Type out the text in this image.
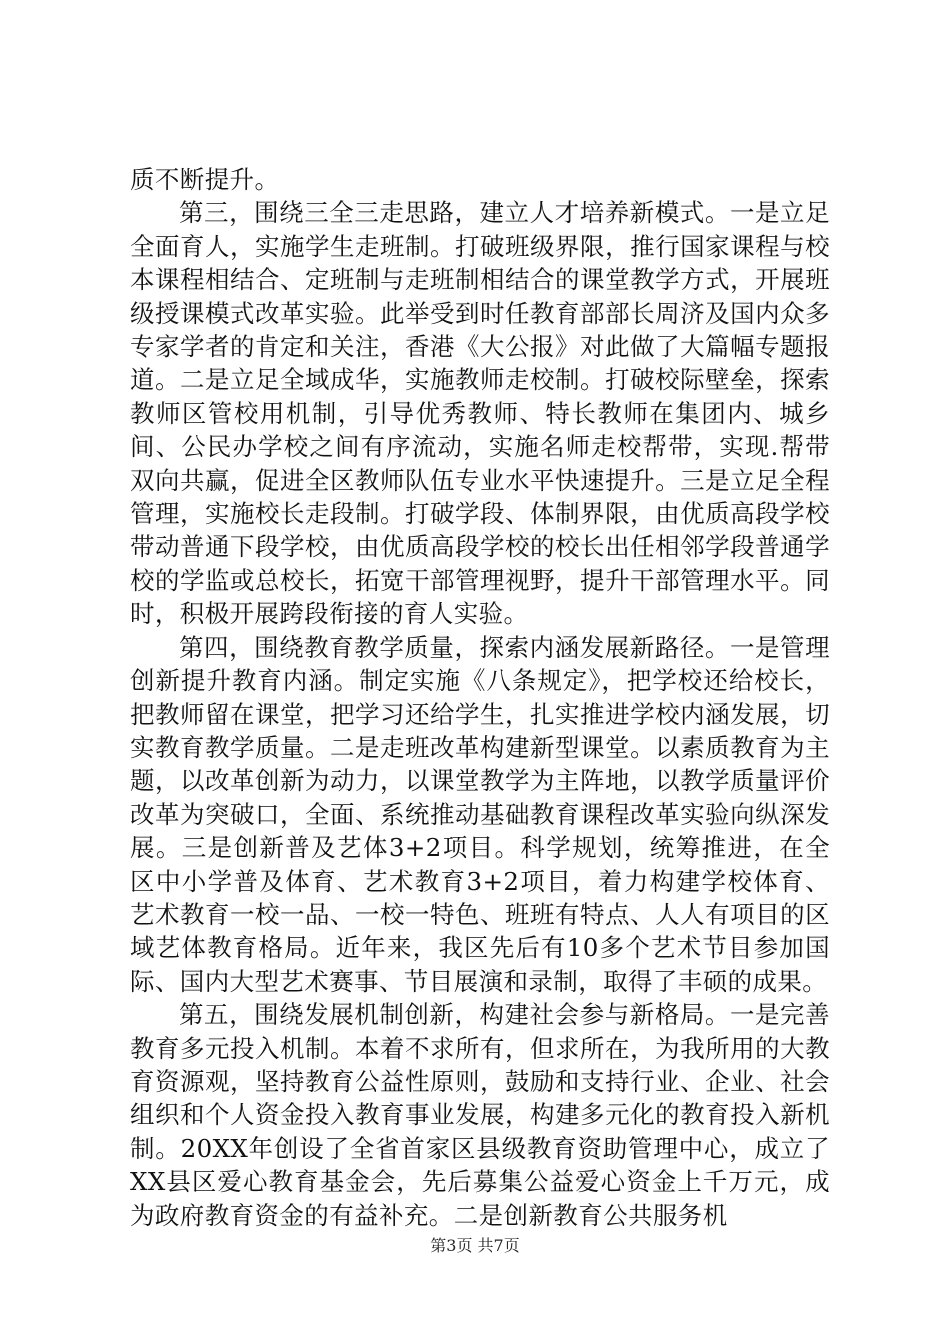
质不断提升。

第三，围绕三全三走思路，建立人才培养新模式。一是立足全面育人，实施学生走班制。打破班级界限，推行国家课程与校本课程相结合、定班制与走班制相结合的课堂教学方式，开展班级授课模式改革实验。此举受到时任教育部部长周济及国内众多专家学者的肯定和关注，香港《大公报》对此做了大篇幅专题报道。二是立足全域成华，实施教师走校制。打破校际壁垒，探索教师区管校用机制，引导优秀教师、特长教师在集团内、城乡间、公民办学校之间有序流动，实施名师走校帮带，实现.帮带双向共赢，促进全区教师队伍专业水平快速提升。三是立足全程管理，实施校长走段制。打破学段、体制界限，由优质高段学校带动普通下段学校，由优质高段学校的校长出任相邻学段普通学校的学监或总校长，拓宽干部管理视野，提升干部管理水平。同时，积极开展跨段衔接的育人实验。

第四，围绕教育教学质量，探索内涵发展新路径。一是管理创新提升教育内涵。制定实施《八条规定》，把学校还给校长，把教师留在课堂，把学习还给学生，扎实推进学校内涵发展，切实教育教学质量。二是走班改革构建新型课堂。以素质教育为主题，以改革创新为动力，以课堂教学为主阵地，以教学质量评价改革为突破口，全面、系统推动基础教育课程改革实验向纵深发展。三是创新普及艺体3+2项目。科学规划，统筹推进，在全区中小学普及体育、艺术教育3+2项目，着力构建学校体育、艺术教育一校一品、一校一特色、班班有特点、人人有项目的区域艺体教育格局。近年来，我区先后有10多个艺术节目参加国际、国内大型艺术赛事、节目展演和录制，取得了丰硕的成果。

第五，围绕发展机制创新，构建社会参与新格局。一是完善教育多元投入机制。本着不求所有，但求所在，为我所用的大教育资源观，坚持教育公益性原则，鼓励和支持行业、企业、社会组织和个人资金投入教育事业发展，构建多元化的教育投入新机制。20XX年创设了全省首家区县级教育资助管理中心，成立了XX县区爱心教育基金会，先后募集公益爱心资金上千万元，成为政府教育资金的有益补充。二是创新教育公共服务机

第3页 共7页
